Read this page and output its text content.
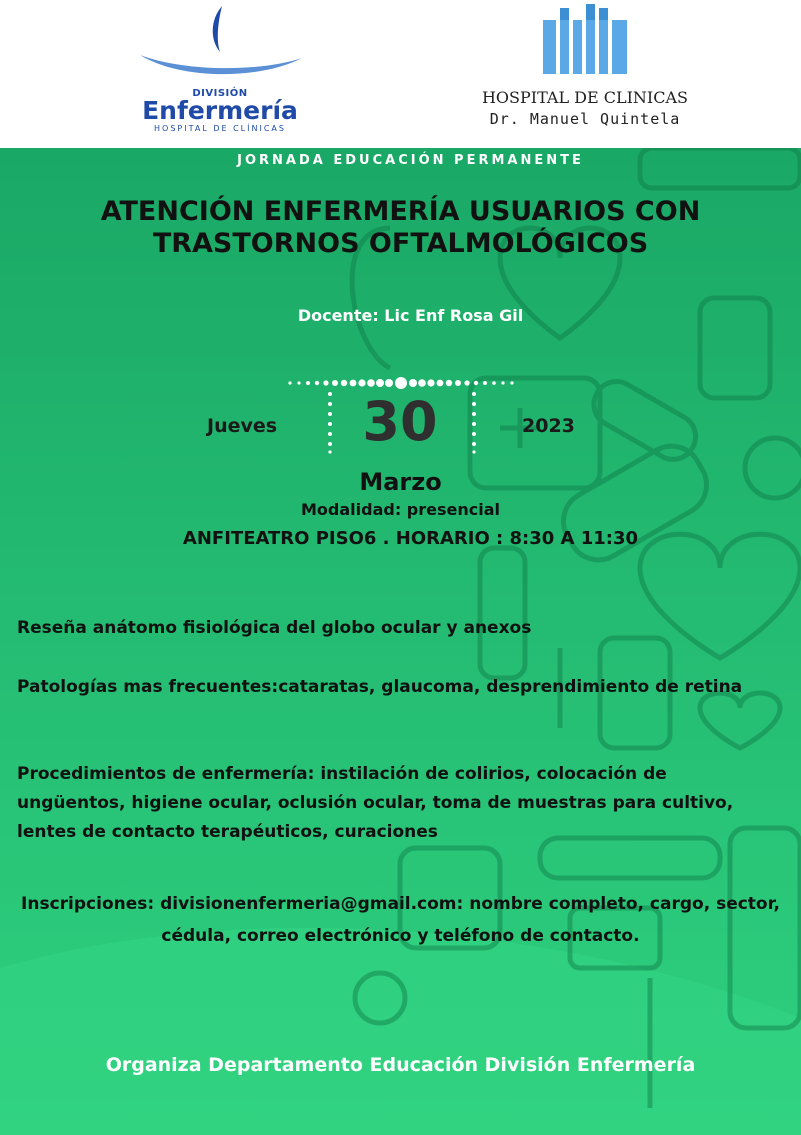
DIVISIÓN
Enfermería
HOSPITAL DE CLÍNICAS
HOSPITAL DE CLINICAS
Dr. Manuel Quintela
JORNADA EDUCACIÓN PERMANENTE
ATENCIÓN ENFERMERÍA USUARIOS CON TRASTORNOS OFTALMOLÓGICOS
Docente: Lic Enf Rosa Gil
Jueves	30	2023
Marzo
Modalidad: presencial
ANFITEATRO PISO6 . HORARIO : 8:30 A 11:30
Reseña anátomo fisiológica del globo ocular y anexos
Patologías mas frecuentes:cataratas, glaucoma, desprendimiento de retina
Procedimientos de enfermería: instilación de colirios, colocación de ungüentos, higiene ocular, oclusión ocular, toma de muestras para cultivo, lentes de contacto terapéuticos, curaciones
Inscripciones: divisionenfermeria@gmail.com: nombre completo, cargo, sector, cédula, correo electrónico y teléfono de contacto.
Organiza Departamento Educación División Enfermería
